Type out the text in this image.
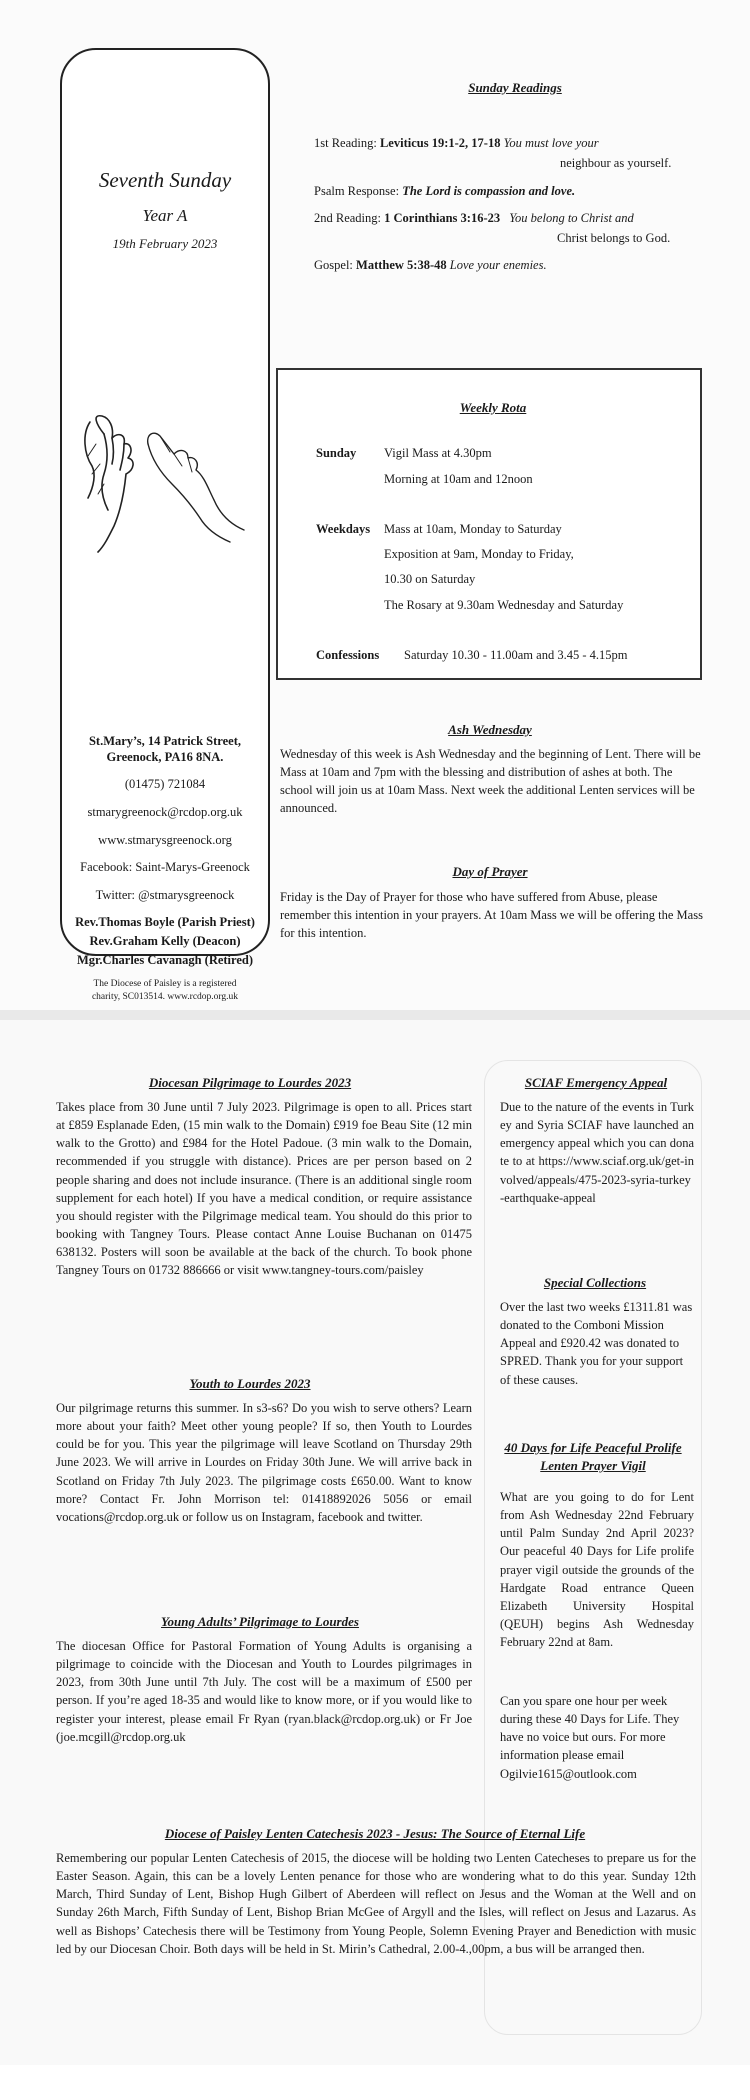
Seventh Sunday
Year A
19th February 2023
St.Mary’s, 14 Patrick Street, Greenock, PA16 8NA.
(01475) 721084
stmarygreenock@rcdop.org.uk
www.stmarysgreenock.org
Facebook: Saint-Marys-Greenock
Twitter: @stmarysgreenock
Rev.Thomas Boyle (Parish Priest)
Rev.Graham Kelly (Deacon)
Mgr.Charles Cavanagh (Retired)
The Diocese of Paisley is a registered charity, SC013514. www.rcdop.org.uk
Sunday Readings
1st Reading: Leviticus 19:1-2, 17-18 You must love your
neighbour as yourself.
Psalm Response: The Lord is compassion and love.
2nd Reading: 1 Corinthians 3:16-23 You belong to Christ and
Christ belongs to God.
Gospel: Matthew 5:38-48 Love your enemies.
Weekly Rota
Sunday Vigil Mass at 4.30pm
Morning at 10am and 12noon
Weekdays Mass at 10am, Monday to Saturday
Exposition at 9am, Monday to Friday,
10.30 on Saturday
The Rosary at 9.30am Wednesday and Saturday
Confessions Saturday 10.30 - 11.00am and 3.45 - 4.15pm
Ash Wednesday
Wednesday of this week is Ash Wednesday and the beginning of Lent. There will be Mass at 10am and 7pm with the blessing and distribution of ashes at both. The school will join us at 10am Mass. Next week the additional Lenten services will be announced.
Day of Prayer
Friday is the Day of Prayer for those who have suffered from Abuse, please remember this intention in your prayers. At 10am Mass we will be offering the Mass for this intention.
Diocesan Pilgrimage to Lourdes 2023
Takes place from 30 June until 7 July 2023. Pilgrimage is open to all. Prices start at £859 Esplanade Eden, (15 min walk to the Domain) £919 foe Beau Site (12 min walk to the Grotto) and £984 for the Hotel Padoue. (3 min walk to the Domain, recommended if you struggle with distance). Prices are per person based on 2 people sharing and does not include insurance. (There is an additional single room supplement for each hotel) If you have a medical condition, or require assistance you should register with the Pilgrimage medical team. You should do this prior to booking with Tangney Tours. Please contact Anne Louise Buchanan on 01475 638132. Posters will soon be available at the back of the church. To book phone Tangney Tours on 01732 886666 or visit www.tangney-tours.com/paisley
Youth to Lourdes 2023
Our pilgrimage returns this summer. In s3-s6? Do you wish to serve others? Learn more about your faith? Meet other young people? If so, then Youth to Lourdes could be for you. This year the pilgrimage will leave Scotland on Thursday 29th June 2023. We will arrive in Lourdes on Friday 30th June. We will arrive back in Scotland on Friday 7th July 2023. The pilgrimage costs £650.00. Want to know more? Contact Fr. John Morrison tel: 01418892026 5056 or email vocations@rcdop.org.uk or follow us on Instagram, facebook and twitter.
Young Adults’ Pilgrimage to Lourdes
The diocesan Office for Pastoral Formation of Young Adults is organising a pilgrimage to coincide with the Diocesan and Youth to Lourdes pilgrimages in 2023, from 30th June until 7th July. The cost will be a maximum of £500 per person. If you’re aged 18-35 and would like to know more, or if you would like to register your interest, please email Fr Ryan (ryan.black@rcdop.org.uk) or Fr Joe (joe.mcgill@rcdop.org.uk
SCIAF Emergency Appeal
Due to the nature of the events in Turkey and Syria SCIAF have launched an emergency appeal which you can donate to at https://www.sciaf.org.uk/get-involved/appeals/475-2023-syria-turkey-earthquake-appeal
Special Collections
Over the last two weeks £1311.81 was donated to the Comboni Mission Appeal and £920.42 was donated to SPRED. Thank you for your support of these causes.
40 Days for Life Peaceful Prolife
Lenten Prayer Vigil
What are you going to do for Lent from Ash Wednesday 22nd February until Palm Sunday 2nd April 2023? Our peaceful 40 Days for Life prolife prayer vigil outside the grounds of the Hardgate Road entrance Queen Elizabeth University Hospital (QEUH) begins Ash Wednesday February 22nd at 8am.
Can you spare one hour per week during these 40 Days for Life. They have no voice but ours. For more information please email Ogilvie1615@outlook.com
Diocese of Paisley Lenten Catechesis 2023 - Jesus: The Source of Eternal Life
Remembering our popular Lenten Catechesis of 2015, the diocese will be holding two Lenten Catecheses to prepare us for the Easter Season. Again, this can be a lovely Lenten penance for those who are wondering what to do this year. Sunday 12th March, Third Sunday of Lent, Bishop Hugh Gilbert of Aberdeen will reflect on Jesus and the Woman at the Well and on Sunday 26th March, Fifth Sunday of Lent, Bishop Brian McGee of Argyll and the Isles, will reflect on Jesus and Lazarus. As well as Bishops’ Catechesis there will be Testimony from Young People, Solemn Evening Prayer and Benediction with music led by our Diocesan Choir. Both days will be held in St. Mirin’s Cathedral, 2.00-4.,00pm, a bus will be arranged then.
